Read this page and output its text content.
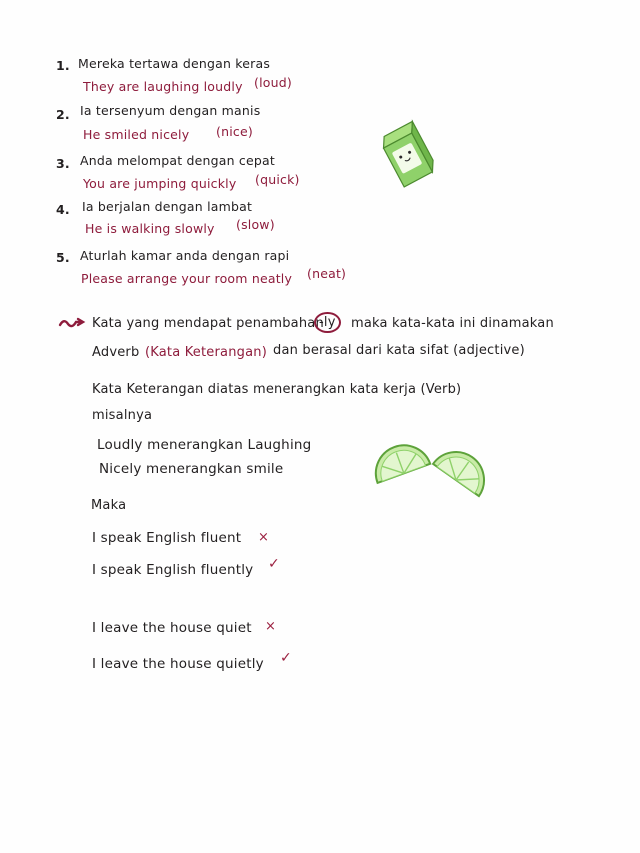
1. Mereka tertawa dengan keras
They are laughing loudly (loud)
2. Ia tersenyum dengan manis
He smiled nicely (nice)
3. Anda melompat dengan cepat
You are jumping quickly (quick)
4. Ia berjalan dengan lambat
He is walking slowly (slow)
5. Aturlah kamar anda dengan rapi
Please arrange your room neatly (neat)
Kata yang mendapat penambahan
-ly	maka kata-kata ini dinamakan
Adverb (Kata Keterangan) dan berasal dari kata sifat (adjective)
Kata Keterangan diatas menerangkan kata kerja (Verb)
misalnya
Loudly menerangkan Laughing
Nicely menerangkan smile
Maka
I speak English fluent ×
I speak English fluently ✓
I leave the house quiet ×
I leave the house quietly ✓
